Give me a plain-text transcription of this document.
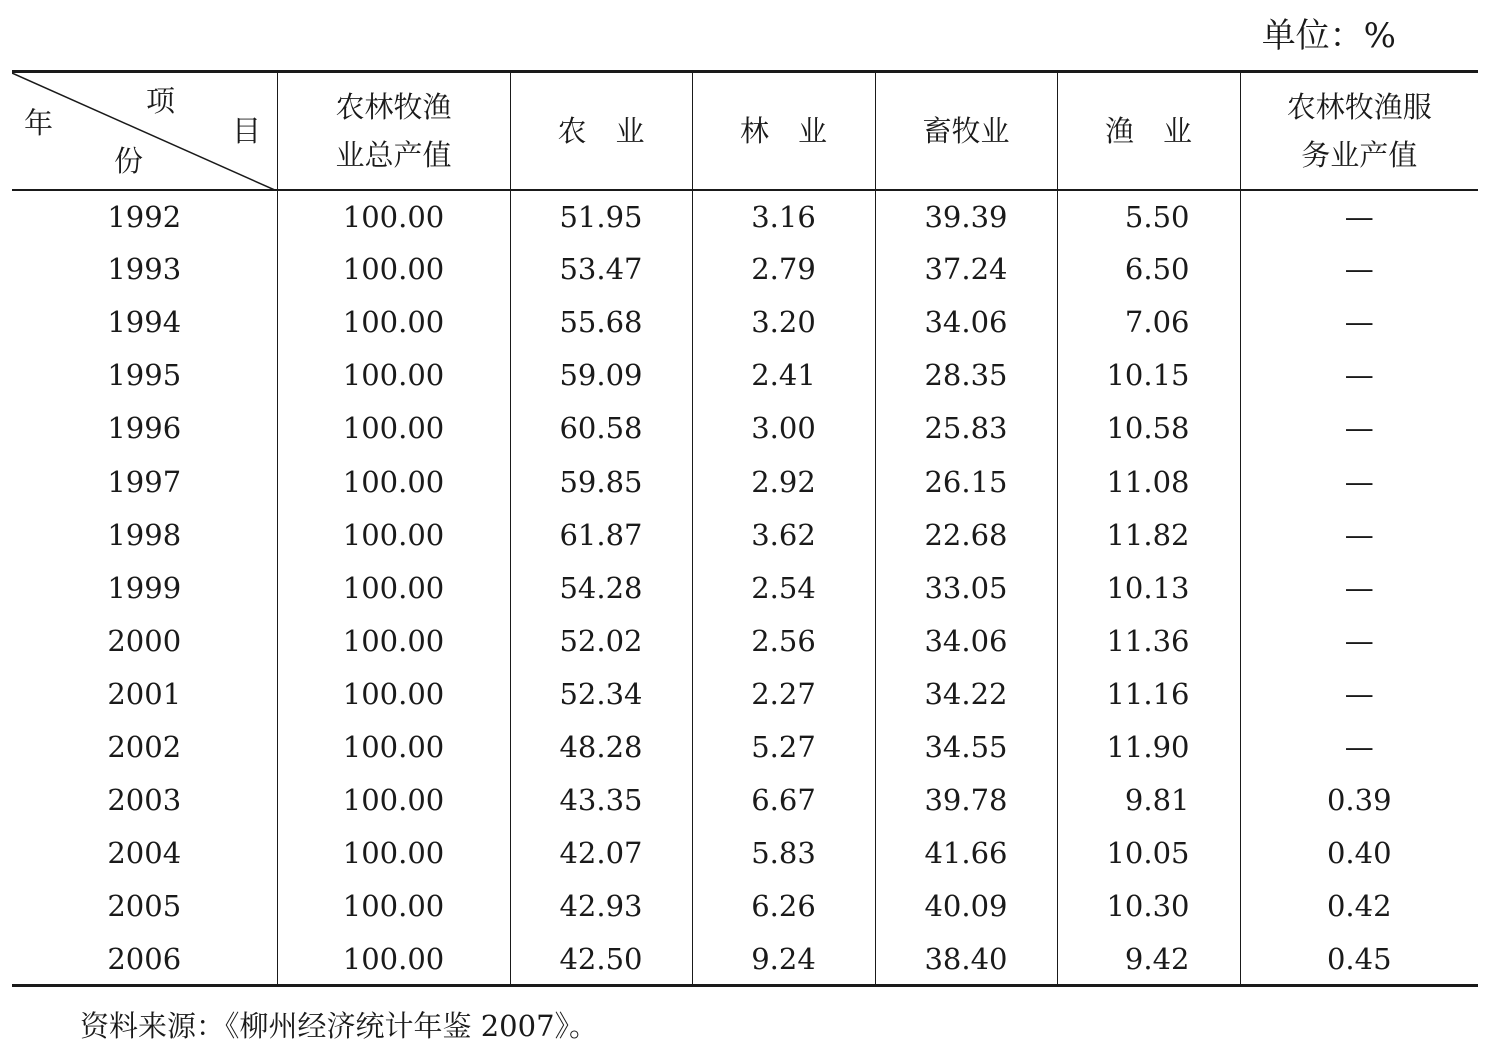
单位：%
项
目
年
份	农林牧渔业总产值	农　业	林　业	畜牧业	渔　业	农林牧渔服务业产值

1992	100.00	51.95	3.16	39.39	5.50	—
1993	100.00	53.47	2.79	37.24	6.50	—
1994	100.00	55.68	3.20	34.06	7.06	—
1995	100.00	59.09	2.41	28.35	10.15	—
1996	100.00	60.58	3.00	25.83	10.58	—
1997	100.00	59.85	2.92	26.15	11.08	—
1998	100.00	61.87	3.62	22.68	11.82	—
1999	100.00	54.28	2.54	33.05	10.13	—
2000	100.00	52.02	2.56	34.06	11.36	—
2001	100.00	52.34	2.27	34.22	11.16	—
2002	100.00	48.28	5.27	34.55	11.90	—
2003	100.00	43.35	6.67	39.78	9.81	0.39
2004	100.00	42.07	5.83	41.66	10.05	0.40
2005	100.00	42.93	6.26	40.09	10.30	0.42
2006	100.00	42.50	9.24	38.40	9.42	0.45
资料来源：《柳州经济统计年鉴 2007》。
